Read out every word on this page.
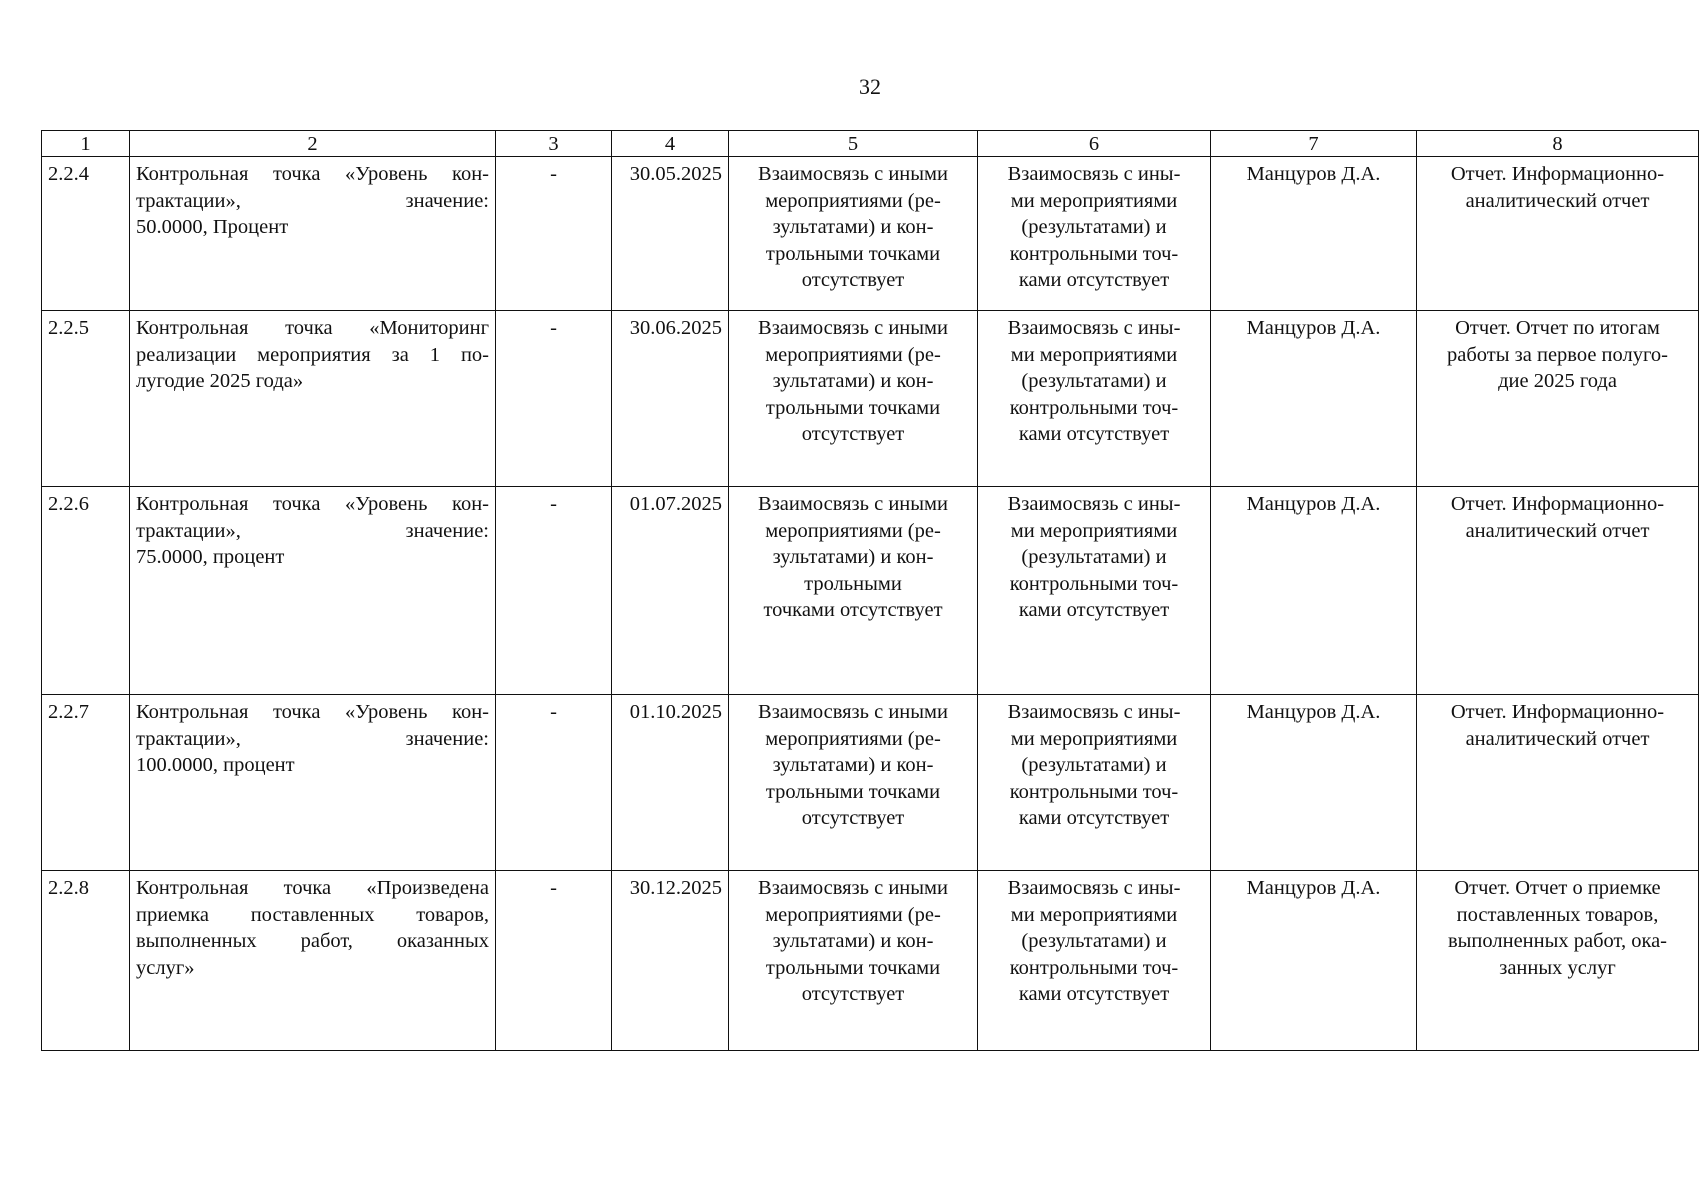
32
1	2	3	4	5	6	7	8
2.2.4	Контрольная точка «Уровень кон-
трактации», значение:
50.0000, Процент	-	30.05.2025	Взаимосвязь с иными
мероприятиями (ре-
зультатами) и кон-
трольными точками
отсутствует	Взаимосвязь с ины-
ми мероприятиями
(результатами) и
контрольными точ-
ками отсутствует	Манцуров Д.А.	Отчет. Информационно-
аналитический отчет

2.2.5	Контрольная точка «Мониторинг
реализации мероприятия за 1 по-
лугодие 2025 года»	-	30.06.2025	Взаимосвязь с иными
мероприятиями (ре-
зультатами) и кон-
трольными точками
отсутствует	Взаимосвязь с ины-
ми мероприятиями
(результатами) и
контрольными точ-
ками отсутствует	Манцуров Д.А.	Отчет. Отчет по итогам
работы за первое полуго-
дие 2025 года

2.2.6	Контрольная точка «Уровень кон-
трактации», значение:
75.0000, процент	-	01.07.2025	Взаимосвязь с иными
мероприятиями (ре-
зультатами) и кон-
трольными
точками отсутствует	Взаимосвязь с ины-
ми мероприятиями
(результатами) и
контрольными точ-
ками отсутствует	Манцуров Д.А.	Отчет. Информационно-
аналитический отчет

2.2.7	Контрольная точка «Уровень кон-
трактации», значение:
100.0000, процент	-	01.10.2025	Взаимосвязь с иными
мероприятиями (ре-
зультатами) и кон-
трольными точками
отсутствует	Взаимосвязь с ины-
ми мероприятиями
(результатами) и
контрольными точ-
ками отсутствует	Манцуров Д.А.	Отчет. Информационно-
аналитический отчет

2.2.8	Контрольная точка «Произведена
приемка поставленных товаров,
выполненных работ, оказанных
услуг»	-	30.12.2025	Взаимосвязь с иными
мероприятиями (ре-
зультатами) и кон-
трольными точками
отсутствует	Взаимосвязь с ины-
ми мероприятиями
(результатами) и
контрольными точ-
ками отсутствует	Манцуров Д.А.	Отчет. Отчет о приемке
поставленных товаров,
выполненных работ, ока-
занных услуг
